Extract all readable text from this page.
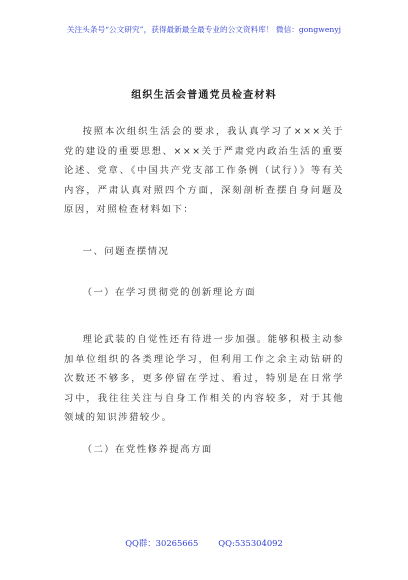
关注头条号“公文研究”，获得最新最全最专业的公文资料库！ 微信：gongwenyj
组织生活会普通党员检查材料

按照本次组织生活会的要求，我认真学习了×××关于党的建设的重要思想、×××关于严肃党内政治生活的重要论述、党章、《中国共产党支部工作条例（试行）》等有关内容，严肃认真对照四个方面，深刻剖析查摆自身问题及原因，对照检查材料如下：

一、问题查摆情况
（一）在学习贯彻党的创新理论方面

理论武装的自觉性还有待进一步加强。能够积极主动参加单位组织的各类理论学习，但利用工作之余主动钻研的次数还不够多，更多停留在学过、看过，特别是在日常学习中，我往往关注与自身工作相关的内容较多，对于其他领域的知识涉猎较少。

（二）在党性修养提高方面
QQ群：30265665 QQ:535304092
